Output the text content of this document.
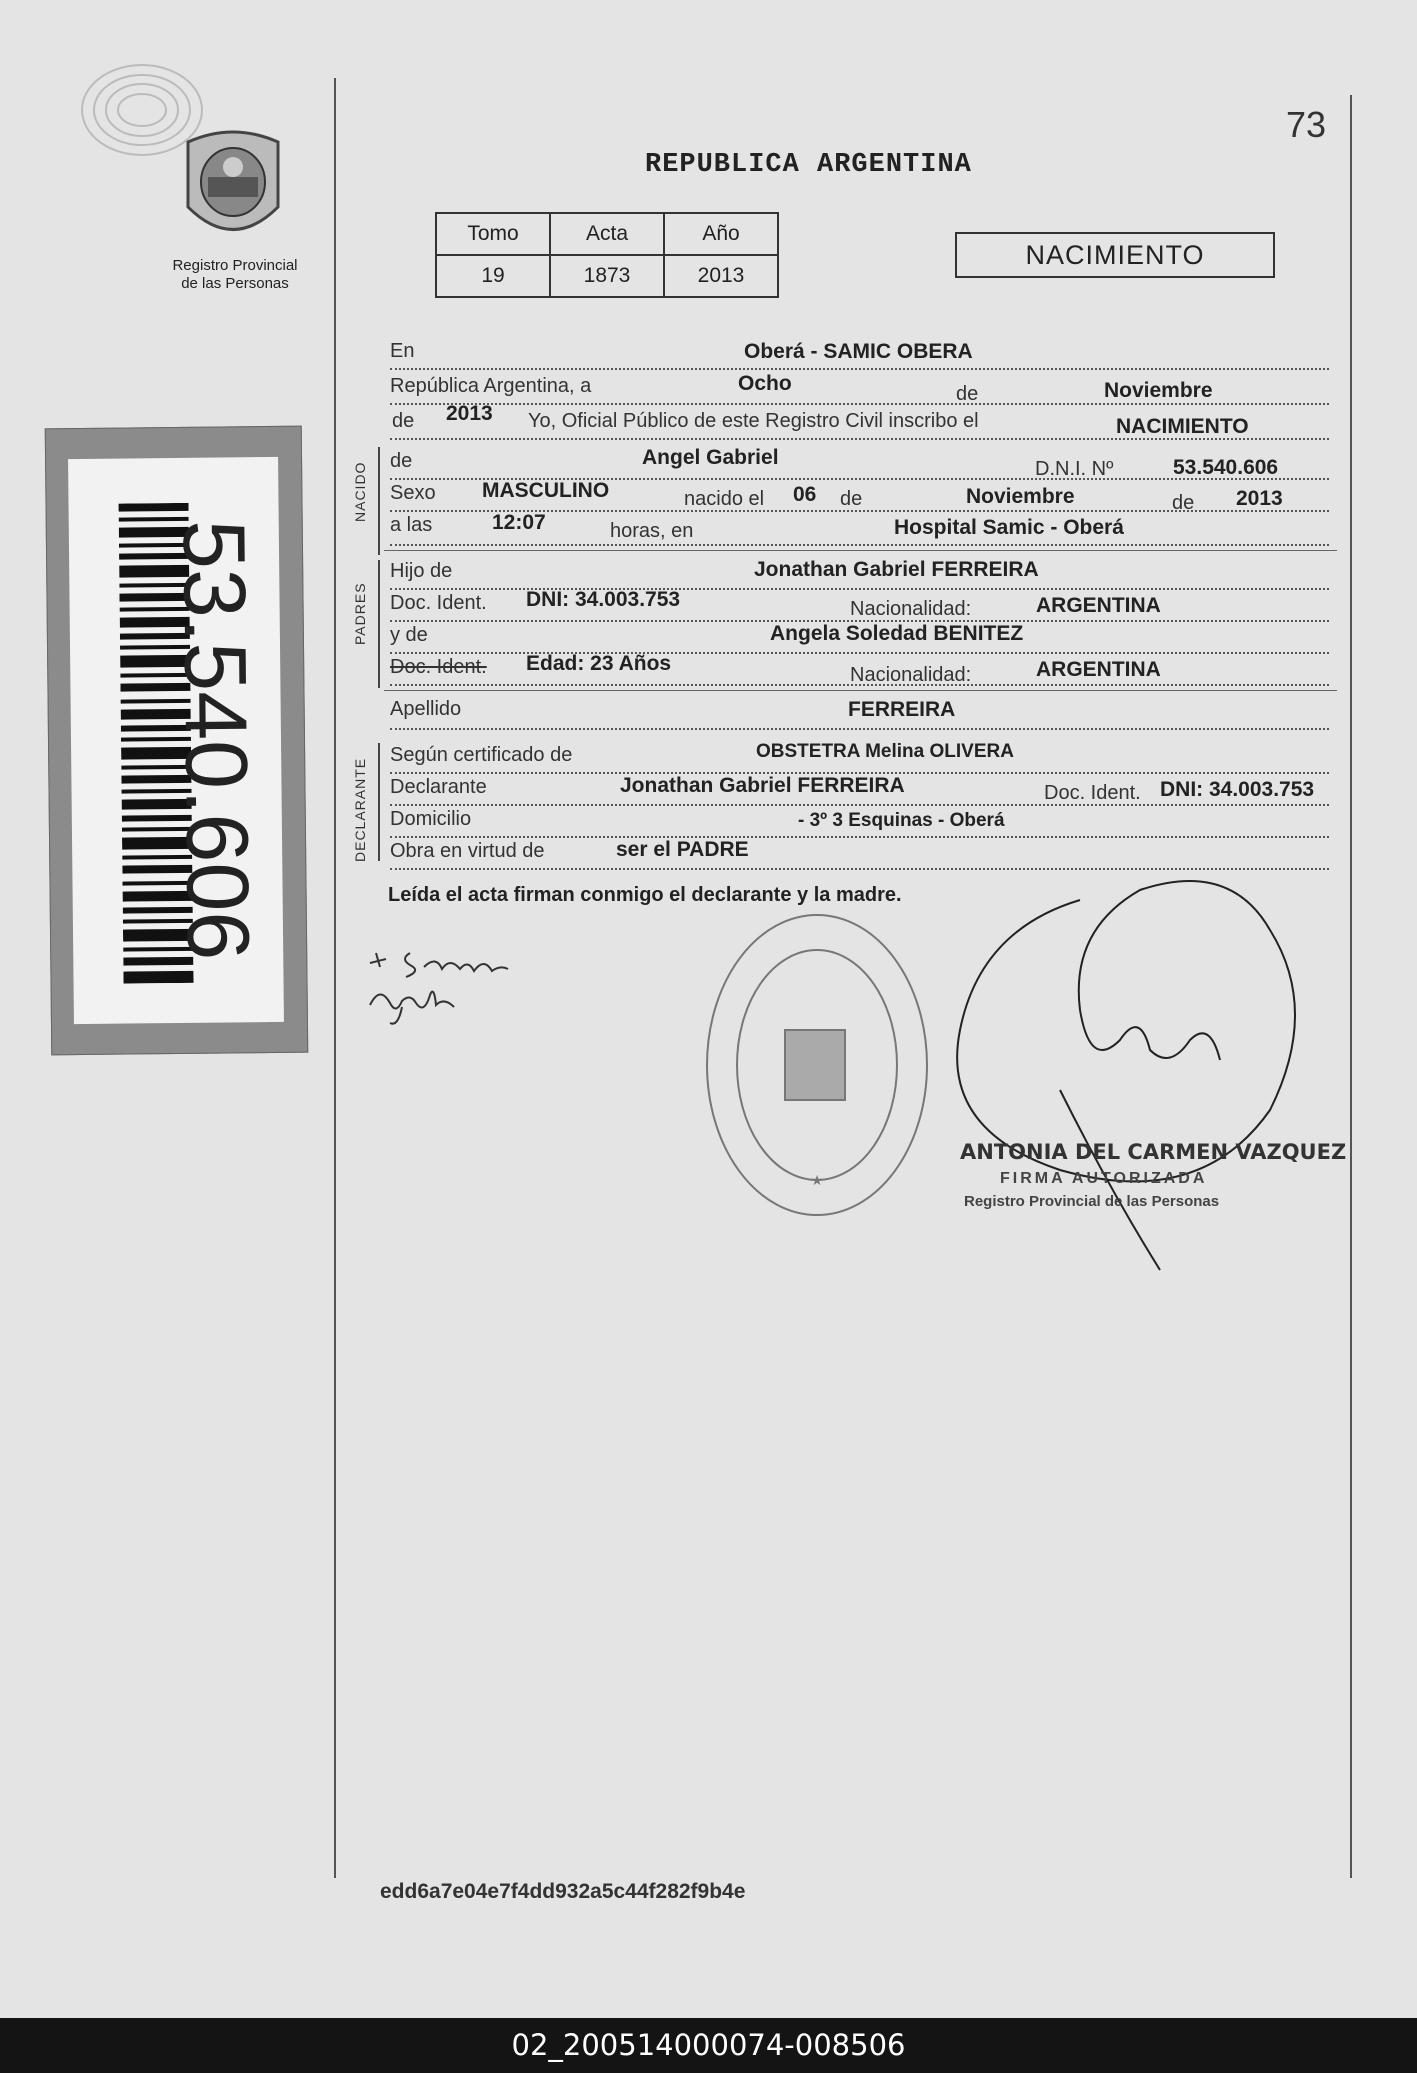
Registro Provincial
de las Personas
53.540.606
73
REPUBLICA ARGENTINA
Tomo	Acta	Año
19	1873	2013
NACIMIENTO
NACIDO
PADRES
DECLARANTE
En	Oberá - SAMIC OBERA
República Argentina, a	Ocho	de	Noviembre
de 2013 Yo, Oficial Público de este Registro Civil inscribo el	NACIMIENTO
de	Angel Gabriel	D.N.I. Nº	53.540.606
Sexo MASCULINO	nacido el 06 de	Noviembre	de 2013
a las	12:07	horas, en	Hospital Samic - Oberá
Hijo de	Jonathan Gabriel FERREIRA
Doc. Ident. DNI: 34.003.753	Nacionalidad:	ARGENTINA
y de	Angela Soledad BENITEZ
Doc. Ident. Edad: 23 Años	Nacionalidad:	ARGENTINA
Apellido	FERREIRA
Según certificado de	OBSTETRA Melina OLIVERA
Declarante	Jonathan Gabriel FERREIRA	Doc. Ident. DNI: 34.003.753
Domicilio	- 3º 3 Esquinas - Oberá
Obra en virtud de	ser el PADRE
Leída el acta firman conmigo el declarante y la madre.
★
ANTONIA DEL CARMEN VAZQUEZ
FIRMA AUTORIZADA
Registro Provincial de las Personas
edd6a7e04e7f4dd932a5c44f282f9b4e
02_200514000074-008506
